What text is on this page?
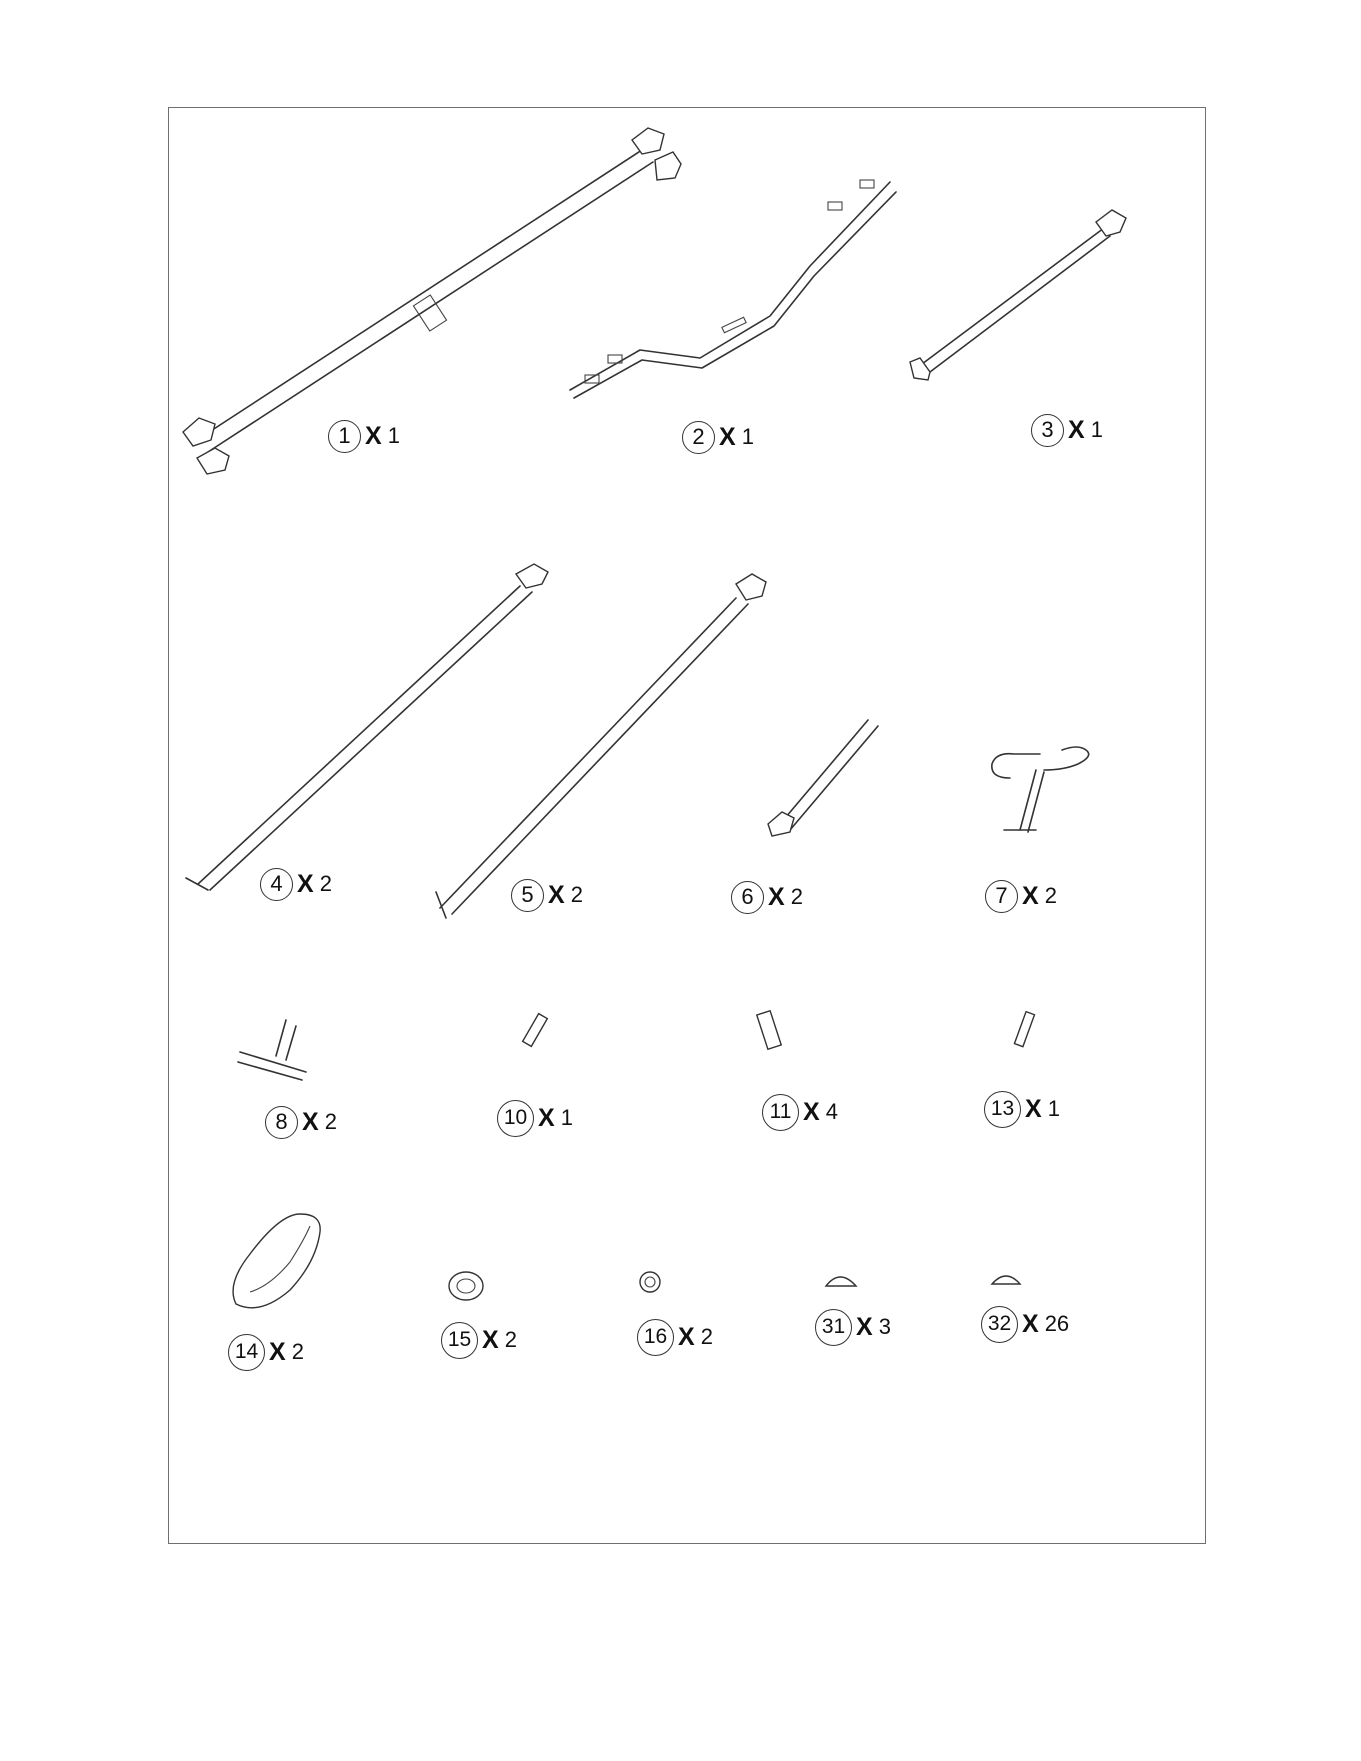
1 X 1	2 X 1	3 X 1
4 X 2	5 X 2	6 X 2	7 X 2
8 X 2	10 X 1	11 X 4	13 X 1
14 X 2	15 X 2	16 X 2	31 X 3	32 X 26
